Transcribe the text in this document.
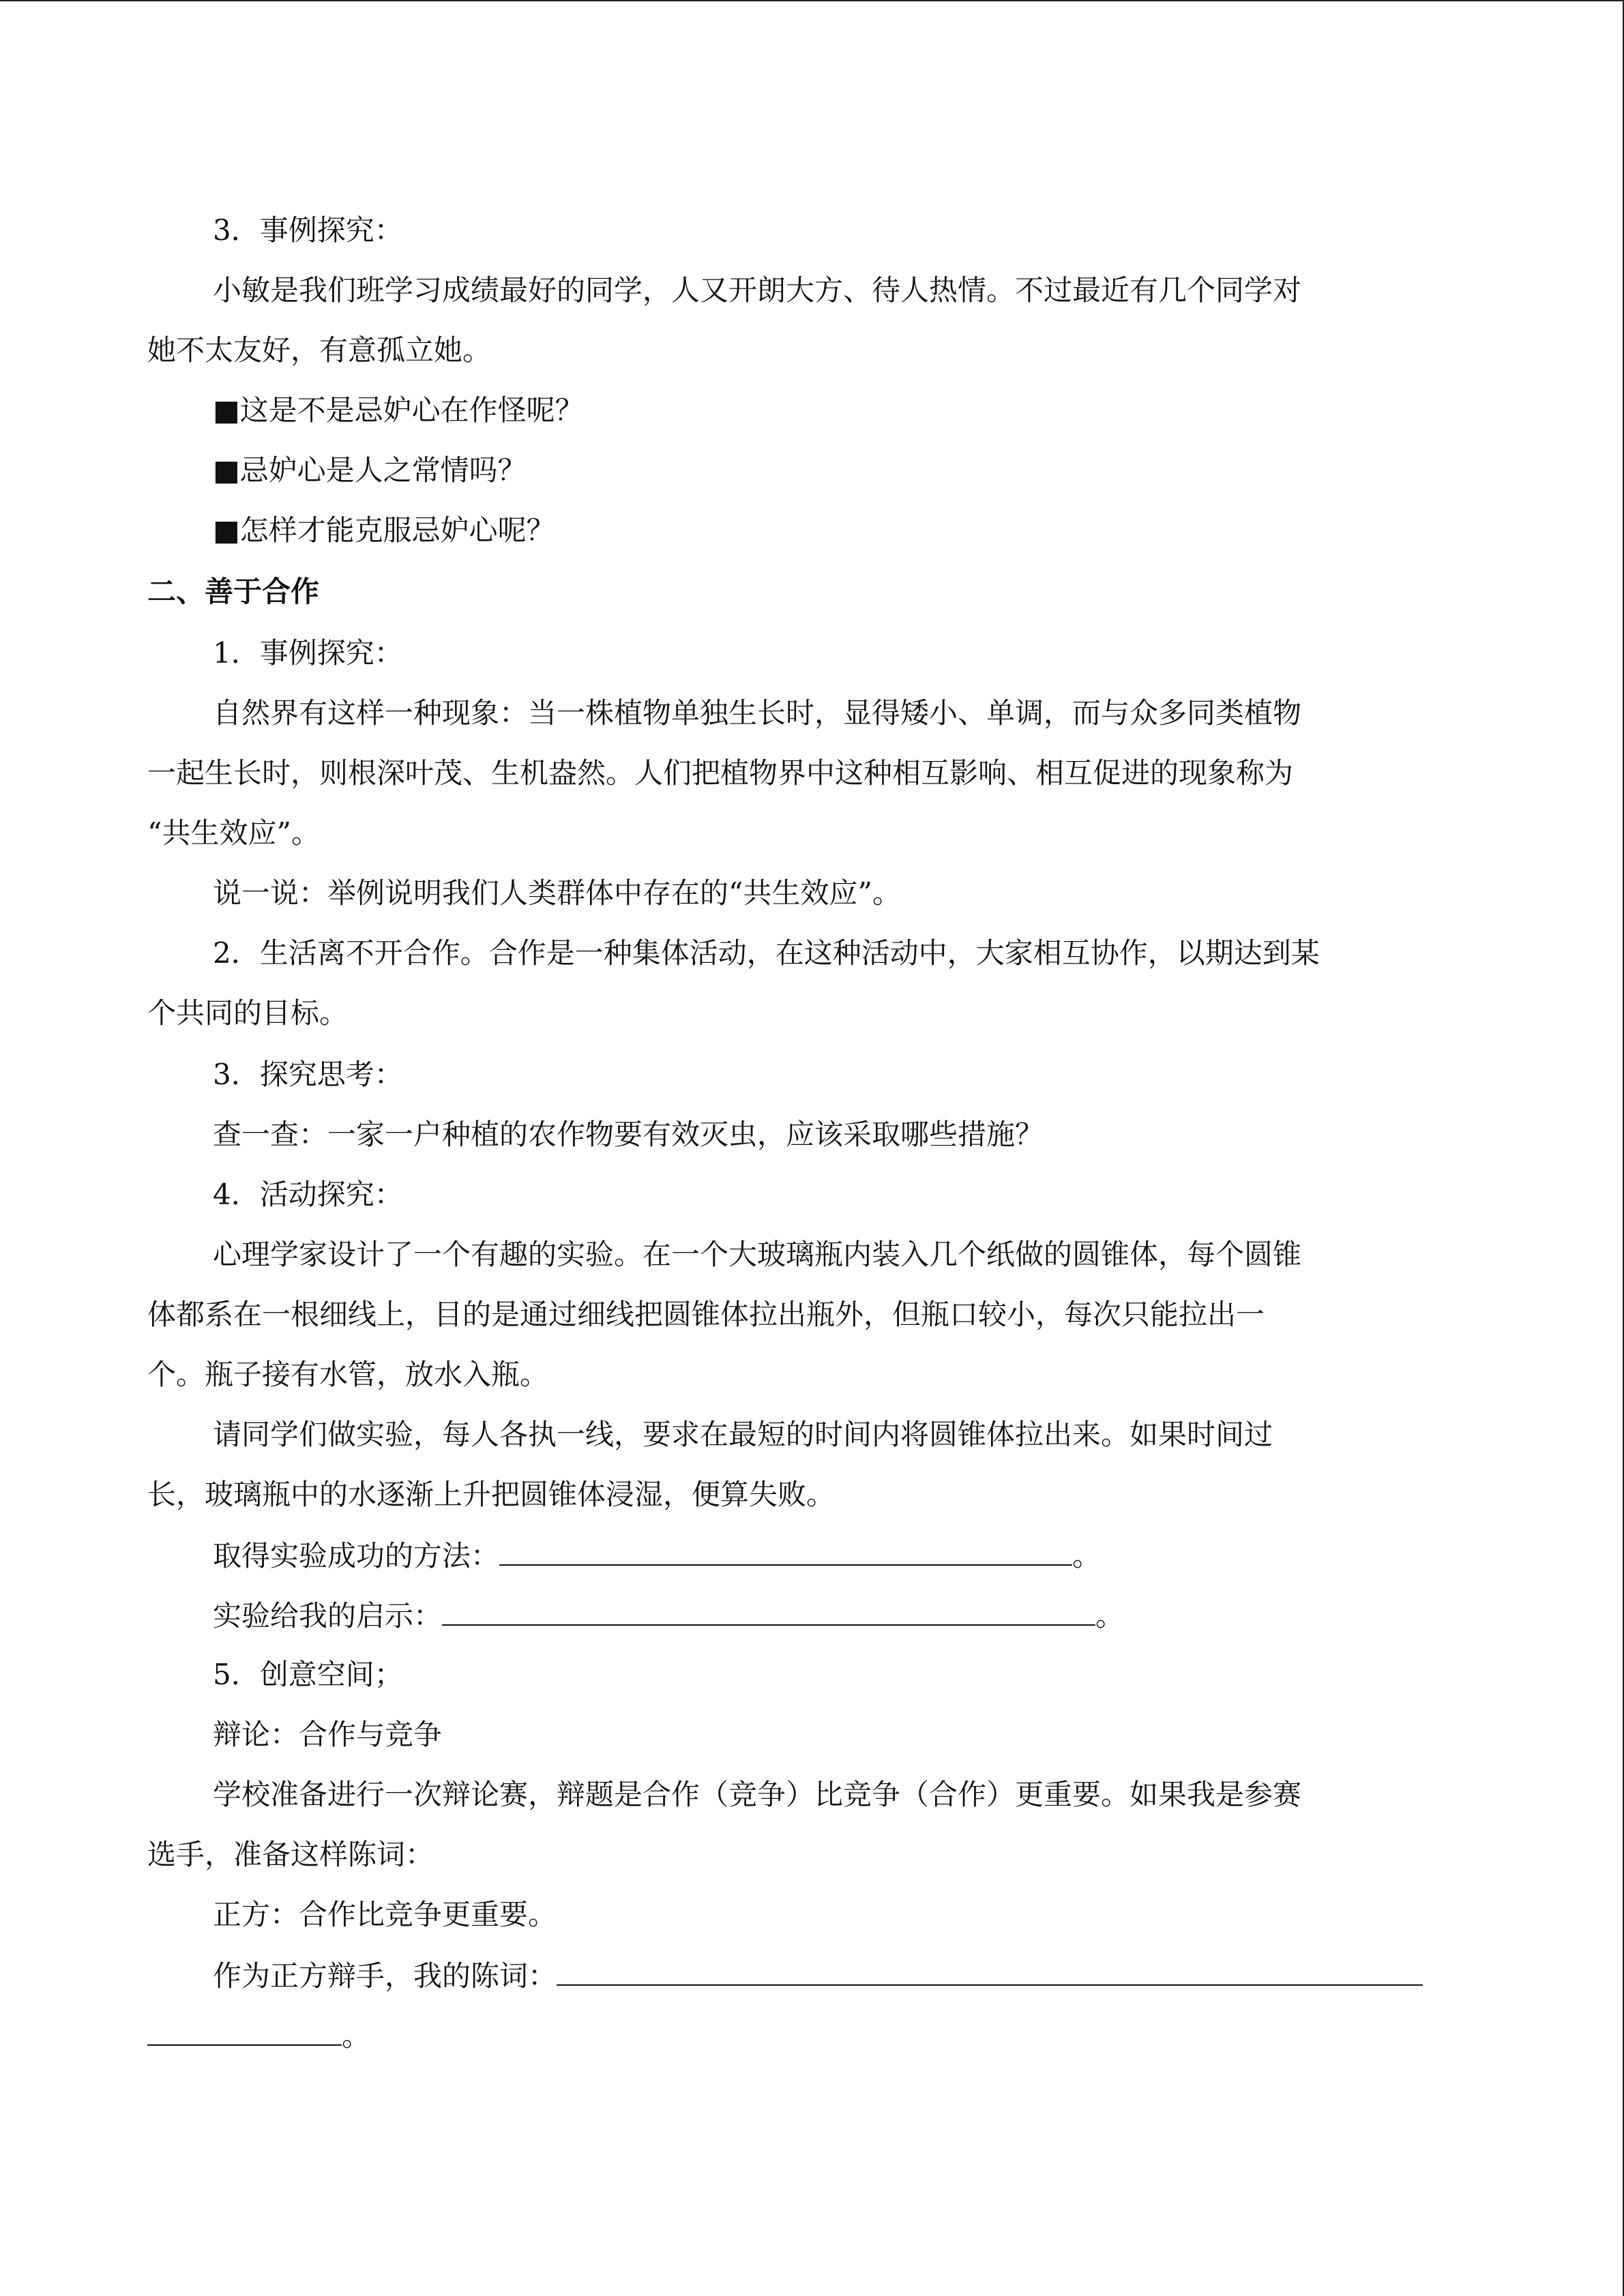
3．事例探究：
小敏是我们班学习成绩最好的同学，人又开朗大方、待人热情。不过最近有几个同学对
她不太友好，有意孤立她。
■这是不是忌妒心在作怪呢？
■忌妒心是人之常情吗？
■怎样才能克服忌妒心呢？
二、善于合作
1．事例探究：
自然界有这样一种现象：当一株植物单独生长时，显得矮小、单调，而与众多同类植物
一起生长时，则根深叶茂、生机盎然。人们把植物界中这种相互影响、相互促进的现象称为
“共生效应”。
说一说：举例说明我们人类群体中存在的“共生效应”。
2．生活离不开合作。合作是一种集体活动，在这种活动中，大家相互协作，以期达到某
个共同的目标。
3．探究思考：
查一查：一家一户种植的农作物要有效灭虫，应该采取哪些措施？
4．活动探究：
心理学家设计了一个有趣的实验。在一个大玻璃瓶内装入几个纸做的圆锥体，每个圆锥
体都系在一根细线上，目的是通过细线把圆锥体拉出瓶外，但瓶口较小，每次只能拉出一
个。瓶子接有水管，放水入瓶。
请同学们做实验，每人各执一线，要求在最短的时间内将圆锥体拉出来。如果时间过
长，玻璃瓶中的水逐渐上升把圆锥体浸湿，便算失败。
取得实验成功的方法：	。
实验给我的启示：	。
5．创意空间；
辩论：合作与竞争
学校准备进行一次辩论赛，辩题是合作（竞争）比竞争（合作）更重要。如果我是参赛
选手，准备这样陈词：
正方：合作比竞争更重要。
作为正方辩手，我的陈词：
。
